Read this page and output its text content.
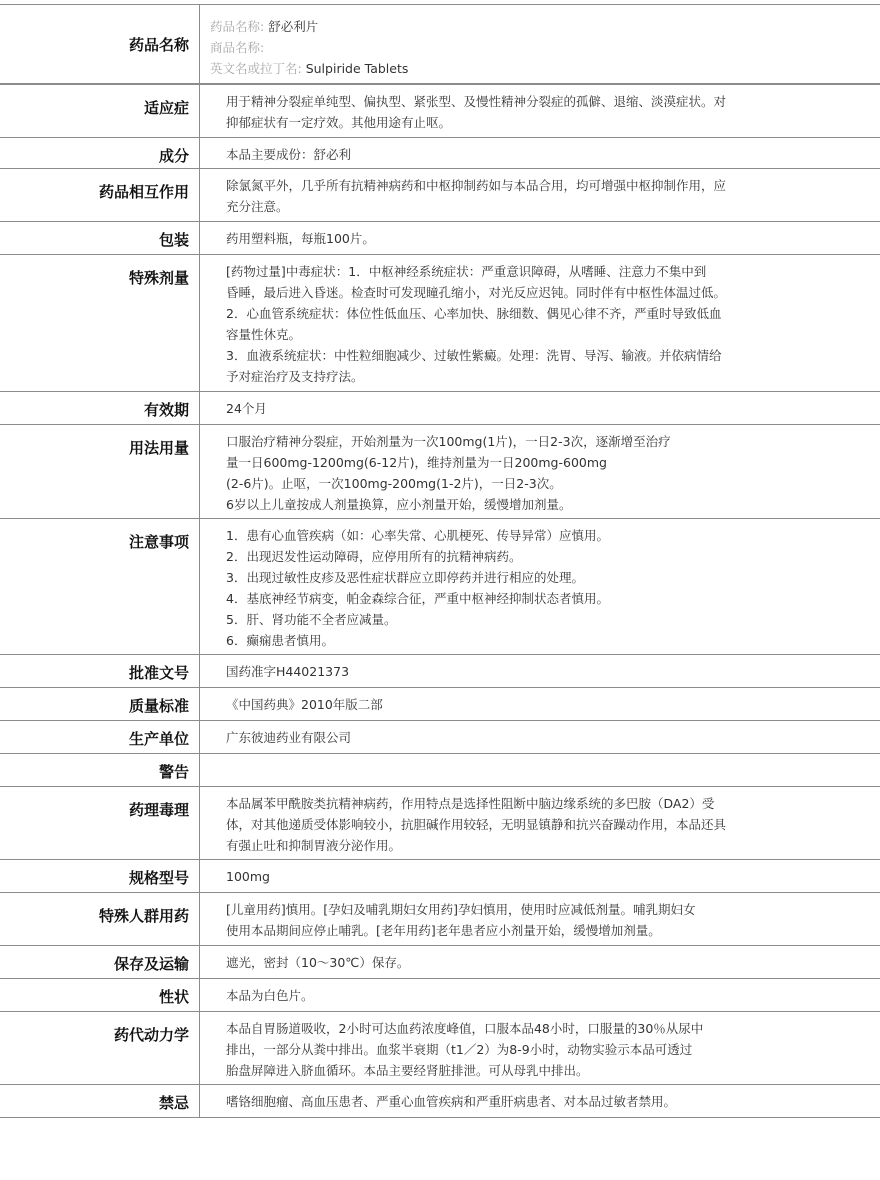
药品名称
药品名称: 舒必利片
商品名称:
英文名或拉丁名: Sulpiride Tablets
适应症	用于精神分裂症单纯型、偏执型、紧张型、及慢性精神分裂症的孤僻、退缩、淡漠症状。对
抑郁症状有一定疗效。其他用途有止呕。
成分	本品主要成份：舒必利
药品相互作用	除氯氮平外，几乎所有抗精神病药和中枢抑制药如与本品合用，均可增强中枢抑制作用，应
充分注意。
包装	药用塑料瓶，每瓶100片。
特殊剂量	[药物过量]中毒症状：1．中枢神经系统症状：严重意识障碍，从嗜睡、注意力不集中到
昏睡，最后进入昏迷。检查时可发现瞳孔缩小，对光反应迟钝。同时伴有中枢性体温过低。
2．心血管系统症状：体位性低血压、心率加快、脉细数、偶见心律不齐，严重时导致低血
容量性休克。
3．血液系统症状：中性粒细胞减少、过敏性紫癜。处理：洗胃、导泻、输液。并依病情给
予对症治疗及支持疗法。
有效期	24个月
用法用量	口服治疗精神分裂症，开始剂量为一次100mg(1片)，一日2-3次，逐渐增至治疗
量一日600mg-1200mg(6-12片)，维持剂量为一日200mg-600mg
(2-6片)。止呕，一次100mg-200mg(1-2片)，一日2-3次。
6岁以上儿童按成人剂量换算，应小剂量开始，缓慢增加剂量。
注意事项	1．患有心血管疾病（如：心率失常、心肌梗死、传导异常）应慎用。
2．出现迟发性运动障碍，应停用所有的抗精神病药。
3．出现过敏性皮疹及恶性症状群应立即停药并进行相应的处理。
4．基底神经节病变，帕金森综合征，严重中枢神经抑制状态者慎用。
5．肝、肾功能不全者应减量。
6．癫痫患者慎用。
批准文号	国药准字H44021373
质量标准	《中国药典》2010年版二部
生产单位	广东彼迪药业有限公司
警告
药理毒理	本品属苯甲酰胺类抗精神病药，作用特点是选择性阻断中脑边缘系统的多巴胺（DA2）受
体，对其他递质受体影响较小，抗胆碱作用较轻，无明显镇静和抗兴奋躁动作用，本品还具
有强止吐和抑制胃液分泌作用。
规格型号	100mg
特殊人群用药	[儿童用药]慎用。[孕妇及哺乳期妇女用药]孕妇慎用，使用时应减低剂量。哺乳期妇女
使用本品期间应停止哺乳。[老年用药]老年患者应小剂量开始，缓慢增加剂量。
保存及运输	遮光，密封（10～30℃）保存。
性状	本品为白色片。
药代动力学	本品自胃肠道吸收，2小时可达血药浓度峰值，口服本品48小时，口服量的30％从尿中
排出，一部分从粪中排出。血浆半衰期（t1／2）为8-9小时，动物实验示本品可透过
胎盘屏障进入脐血循环。本品主要经肾脏排泄。可从母乳中排出。
禁忌	嗜铬细胞瘤、高血压患者、严重心血管疾病和严重肝病患者、对本品过敏者禁用。
